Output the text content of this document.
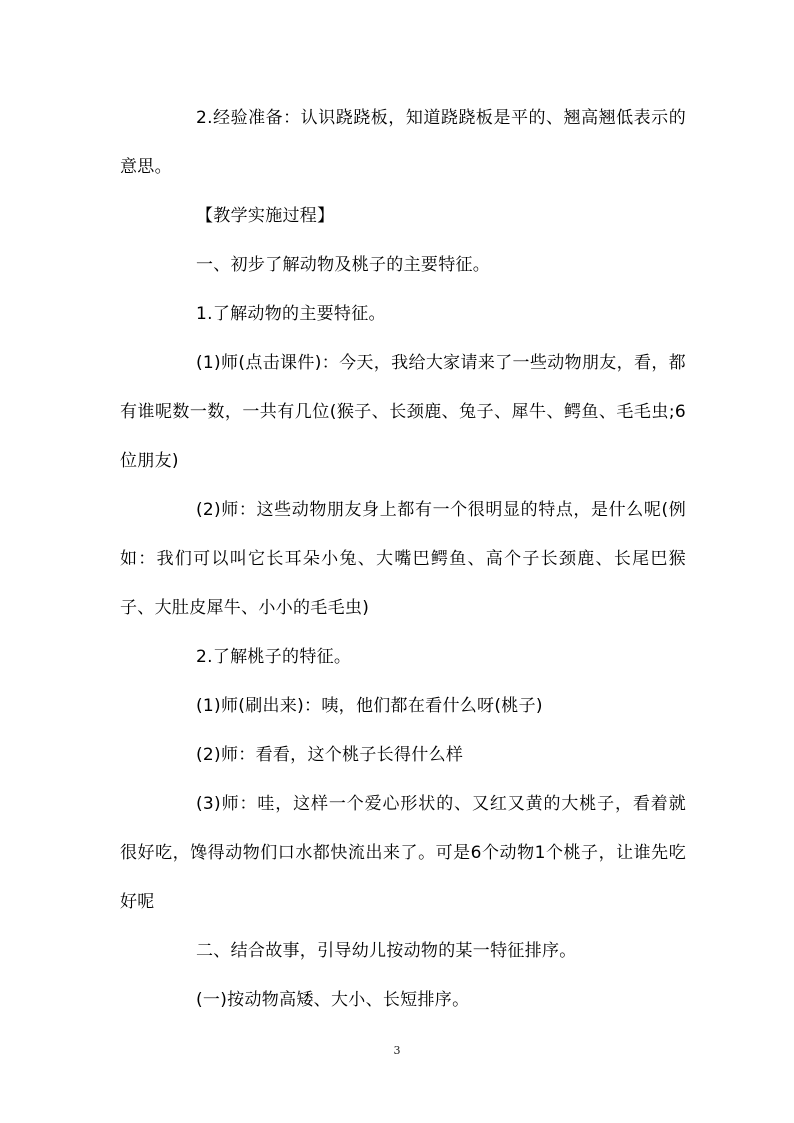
2.经验准备：认识跷跷板，知道跷跷板是平的、翘高翘低表示的意思。

【教学实施过程】

一、初步了解动物及桃子的主要特征。

1.了解动物的主要特征。

(1)师(点击课件)：今天，我给大家请来了一些动物朋友，看，都有谁呢数一数，一共有几位(猴子、长颈鹿、兔子、犀牛、鳄鱼、毛毛虫;6位朋友)

(2)师：这些动物朋友身上都有一个很明显的特点，是什么呢(例如：我们可以叫它长耳朵小兔、大嘴巴鳄鱼、高个子长颈鹿、长尾巴猴子、大肚皮犀牛、小小的毛毛虫)

2.了解桃子的特征。

(1)师(刷出来)：咦，他们都在看什么呀(桃子)

(2)师：看看，这个桃子长得什么样

(3)师：哇，这样一个爱心形状的、又红又黄的大桃子，看着就很好吃，馋得动物们口水都快流出来了。可是6个动物1个桃子，让谁先吃好呢

二、结合故事，引导幼儿按动物的某一特征排序。

(一)按动物高矮、大小、长短排序。

3
